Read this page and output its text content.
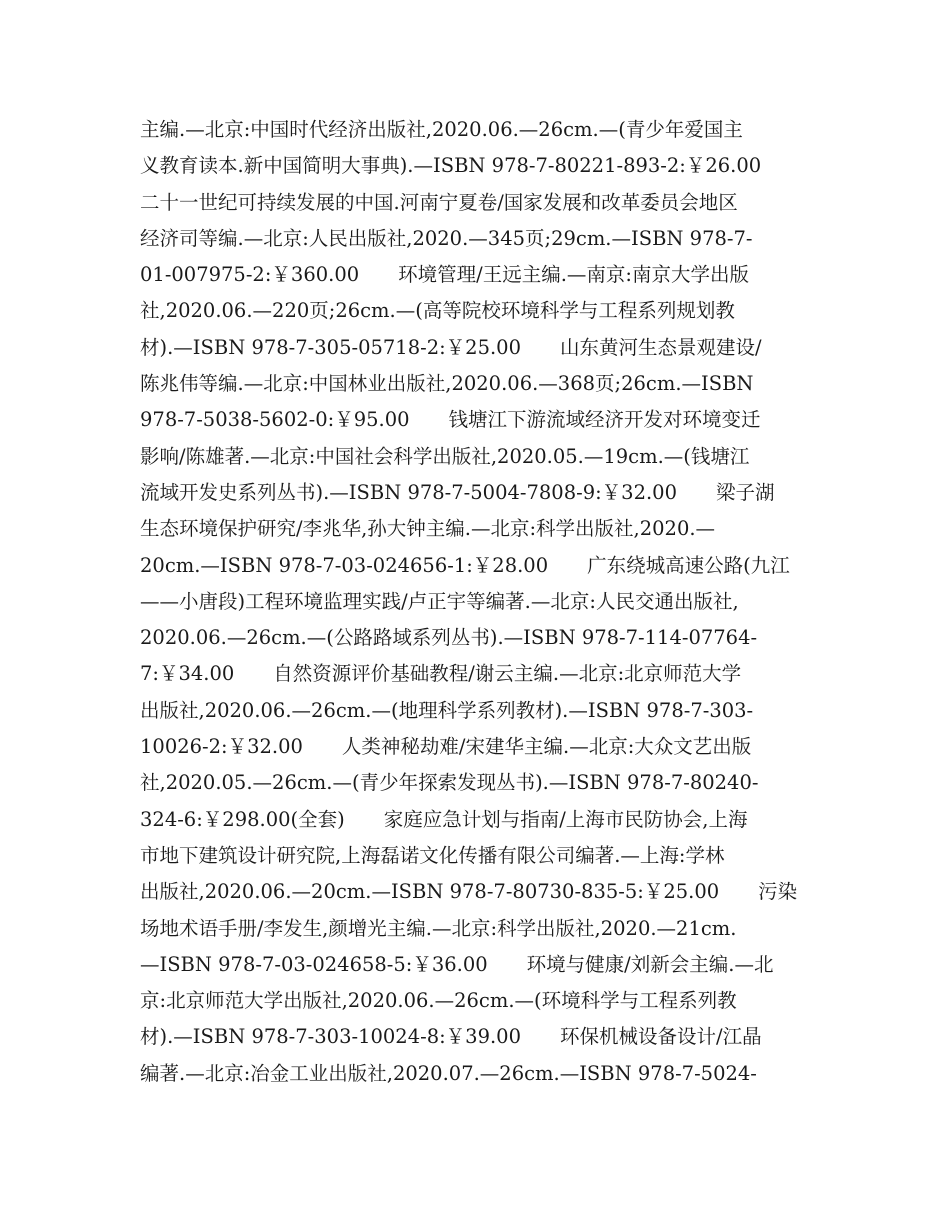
主编.—北京:中国时代经济出版社,2020.06.—26cm.—(青少年爱国主
义教育读本.新中国简明大事典).—ISBN 978-7-80221-893-2:￥26.00
二十一世纪可持续发展的中国.河南宁夏卷/国家发展和改革委员会地区
经济司等编.—北京:人民出版社,2020.—345页;29cm.—ISBN 978-7-
01-007975-2:￥360.00　　环境管理/王远主编.—南京:南京大学出版
社,2020.06.—220页;26cm.—(高等院校环境科学与工程系列规划教
材).—ISBN 978-7-305-05718-2:￥25.00　　山东黄河生态景观建设/
陈兆伟等编.—北京:中国林业出版社,2020.06.—368页;26cm.—ISBN
978-7-5038-5602-0:￥95.00　　钱塘江下游流域经济开发对环境变迁
影响/陈雄著.—北京:中国社会科学出版社,2020.05.—19cm.—(钱塘江
流域开发史系列丛书).—ISBN 978-7-5004-7808-9:￥32.00　　梁子湖
生态环境保护研究/李兆华,孙大钟主编.—北京:科学出版社,2020.—
20cm.—ISBN 978-7-03-024656-1:￥28.00　　广东绕城高速公路(九江
——小唐段)工程环境监理实践/卢正宇等编著.—北京:人民交通出版社,
2020.06.—26cm.—(公路路域系列丛书).—ISBN 978-7-114-07764-
7:￥34.00　　自然资源评价基础教程/谢云主编.—北京:北京师范大学
出版社,2020.06.—26cm.—(地理科学系列教材).—ISBN 978-7-303-
10026-2:￥32.00　　人类神秘劫难/宋建华主编.—北京:大众文艺出版
社,2020.05.—26cm.—(青少年探索发现丛书).—ISBN 978-7-80240-
324-6:￥298.00(全套)　　家庭应急计划与指南/上海市民防协会,上海
市地下建筑设计研究院,上海磊诺文化传播有限公司编著.—上海:学林
出版社,2020.06.—20cm.—ISBN 978-7-80730-835-5:￥25.00　　污染
场地术语手册/李发生,颜增光主编.—北京:科学出版社,2020.—21cm.
—ISBN 978-7-03-024658-5:￥36.00　　环境与健康/刘新会主编.—北
京:北京师范大学出版社,2020.06.—26cm.—(环境科学与工程系列教
材).—ISBN 978-7-303-10024-8:￥39.00　　环保机械设备设计/江晶
编著.—北京:冶金工业出版社,2020.07.—26cm.—ISBN 978-7-5024-
